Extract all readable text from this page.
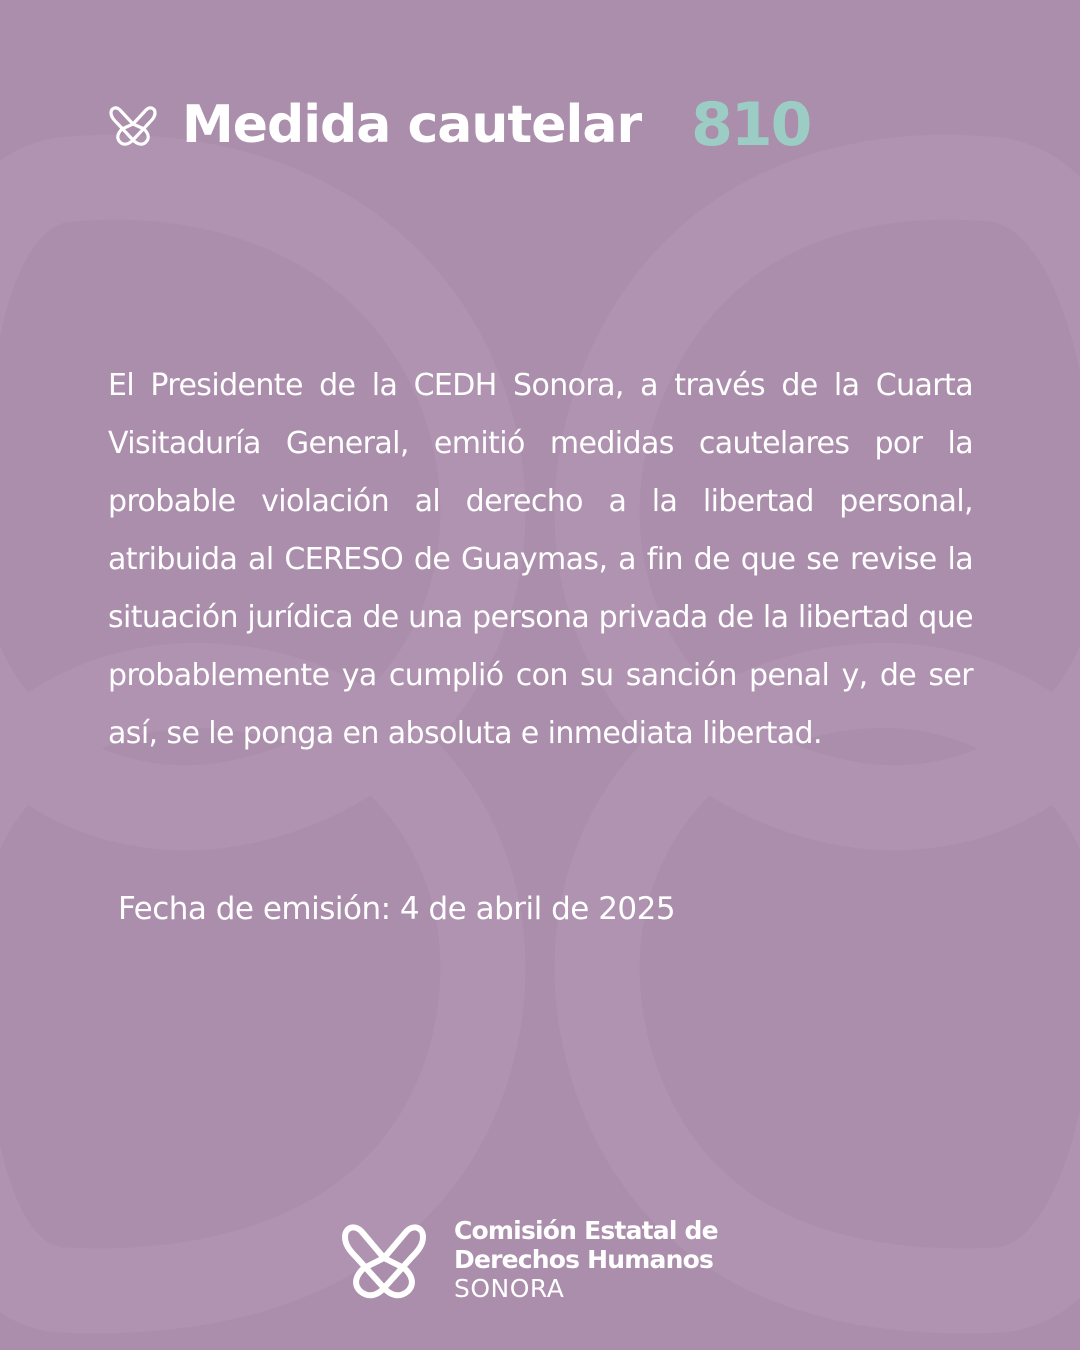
Medida cautelar 810

El Presidente de la CEDH Sonora, a través de la Cuarta Visitaduría General, emitió medidas cautelares por la probable violación al derecho a la libertad personal, atribuida al CERESO de Guaymas, a fin de que se revise la situación jurídica de una persona privada de la libertad que probablemente ya cumplió con su sanción penal y, de ser así, se le ponga en absoluta e inmediata libertad.

Fecha de emisión: 4 de abril de 2025
Comisión Estatal de
Derechos Humanos
SONORA
